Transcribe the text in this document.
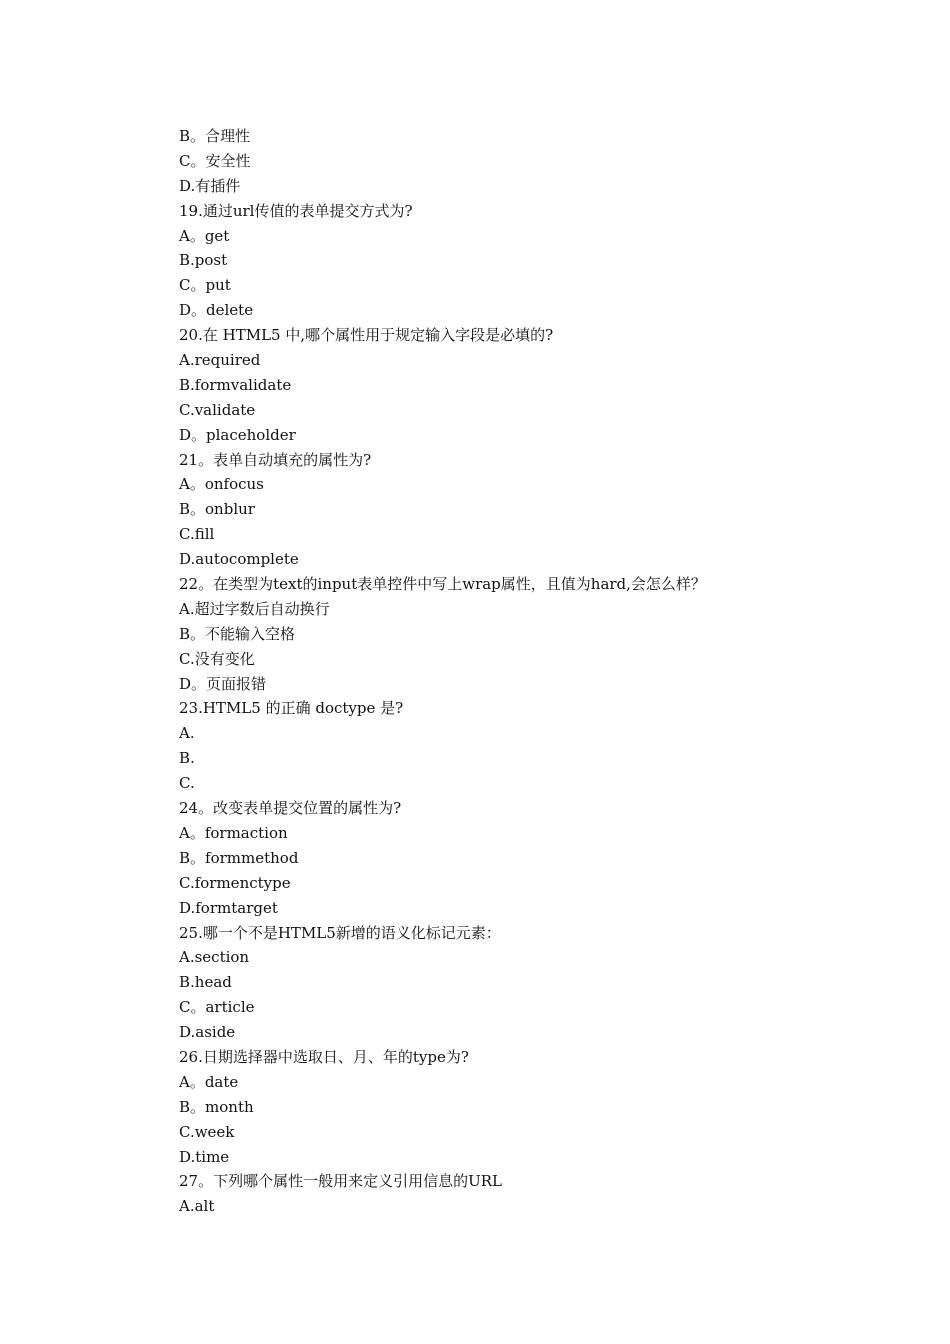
B。合理性
C。安全性
D.有插件
19.通过url传值的表单提交方式为?
A。get
B.post
C。put
D。delete
20.在 HTML5 中,哪个属性用于规定输入字段是必填的?
A.required
B.formvalidate
C.validate
D。placeholder
21。表单自动填充的属性为?
A。onfocus
B。onblur
C.fill
D.autocomplete
22。在类型为text的input表单控件中写上wrap属性，且值为hard,会怎么样？
A.超过字数后自动换行
B。不能输入空格
C.没有变化
D。页面报错
23.HTML5 的正确 doctype 是?
A.
B.
C.
24。改变表单提交位置的属性为?
A。formaction
B。formmethod
C.formenctype
D.formtarget
25.哪一个不是HTML5新增的语义化标记元素：
A.section
B.head
C。article
D.aside
26.日期选择器中选取日、月、年的type为?
A。date
B。month
C.week
D.time
27。下列哪个属性一般用来定义引用信息的URL
A.alt
